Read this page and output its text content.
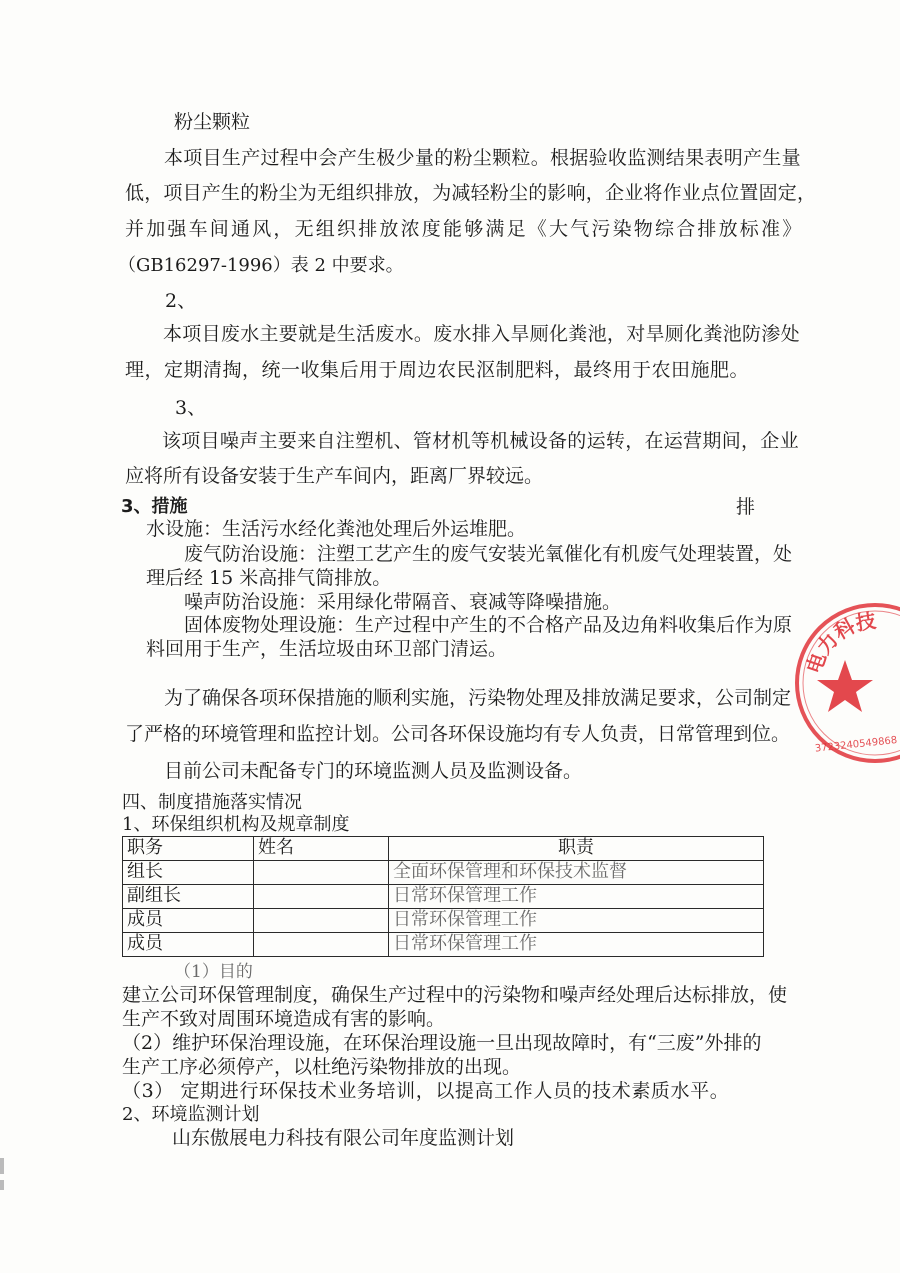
粉尘颗粒
本项目生产过程中会产生极少量的粉尘颗粒。根据验收监测结果表明产生量
低，项目产生的粉尘为无组织排放，为减轻粉尘的影响，企业将作业点位置固定，
并加强车间通风，无组织排放浓度能够满足《大气污染物综合排放标准》
（GB16297-1996）表 2 中要求。
2、
本项目废水主要就是生活废水。废水排入旱厕化粪池，对旱厕化粪池防渗处
理，定期清掏，统一收集后用于周边农民沤制肥料，最终用于农田施肥。
3、
该项目噪声主要来自注塑机、管材机等机械设备的运转，在运营期间，企业
应将所有设备安装于生产车间内，距离厂界较远。
3、措施	排
水设施：生活污水经化粪池处理后外运堆肥。
废气防治设施：注塑工艺产生的废气安装光氧催化有机废气处理装置，处
理后经 15 米高排气筒排放。
噪声防治设施：采用绿化带隔音、衰减等降噪措施。
固体废物处理设施：生产过程中产生的不合格产品及边角料收集后作为原
料回用于生产，生活垃圾由环卫部门清运。
为了确保各项环保措施的顺利实施，污染物处理及排放满足要求，公司制定
了严格的环境管理和监控计划。公司各环保设施均有专人负责，日常管理到位。
目前公司未配备专门的环境监测人员及监测设备。
四、制度措施落实情况
1、环保组织机构及规章制度
职务	姓名	职责
组长		全面环保管理和环保技术监督
副组长		日常环保管理工作
成员		日常环保管理工作
成员		日常环保管理工作
（1）目的
建立公司环保管理制度，确保生产过程中的污染物和噪声经处理后达标排放，使
生产不致对周围环境造成有害的影响。
（2）维护环保治理设施，在环保治理设施一旦出现故障时，有“三废”外排的
生产工序必须停产，以杜绝污染物排放的出现。
（3） 定期进行环保技术业务培训，以提高工作人员的技术素质水平。
2、环境监测计划
山东傲展电力科技有限公司年度监测计划
电力科技
3723240549868
